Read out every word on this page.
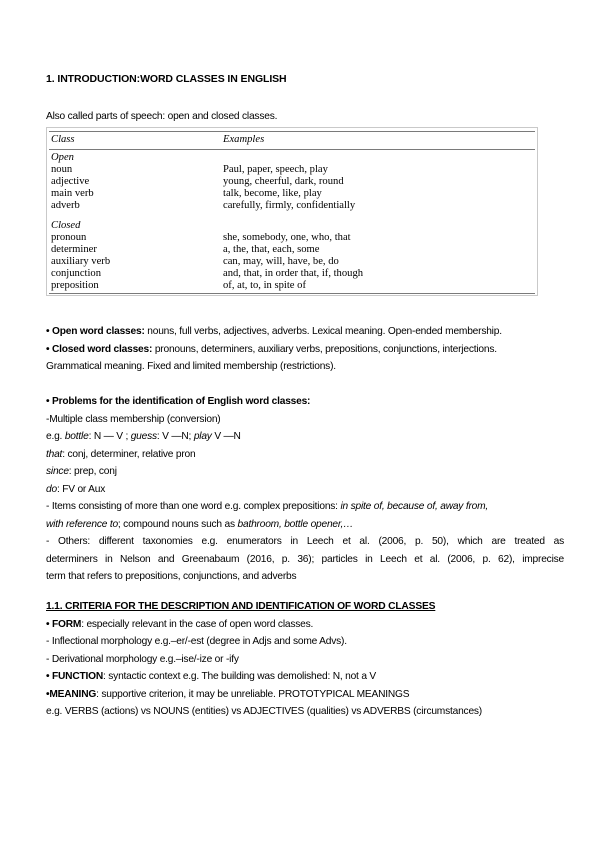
1. INTRODUCTION:WORD CLASSES IN ENGLISH
Also called parts of speech: open and closed classes.
Class	Examples
Open
noun	Paul, paper, speech, play
adjective	young, cheerful, dark, round
main verb	talk, become, like, play
adverb	carefully, firmly, confidentially
Closed
pronoun	she, somebody, one, who, that
determiner	a, the, that, each, some
auxiliary verb	can, may, will, have, be, do
conjunction	and, that, in order that, if, though
preposition	of, at, to, in spite of
• Open word classes: nouns, full verbs, adjectives, adverbs. Lexical meaning. Open-ended membership.
• Closed word classes: pronouns, determiners, auxiliary verbs, prepositions, conjunctions, interjections.
Grammatical meaning. Fixed and limited membership (restrictions).
• Problems for the identification of English word classes:
-Multiple class membership (conversion)
e.g. bottle: N — V ; guess: V —N; play V —N
that: conj, determiner, relative pron
since: prep, conj
do: FV or Aux
- Items consisting of more than one word e.g. complex prepositions: in spite of, because of, away from,
with reference to; compound nouns such as bathroom, bottle opener,…
- Others: different taxonomies e.g. enumerators in Leech et al. (2006, p. 50), which are treated as
determiners in Nelson and Greenabaum (2016, p. 36); particles in Leech et al. (2006, p. 62), imprecise
term that refers to prepositions, conjunctions, and adverbs
1.1. CRITERIA FOR THE DESCRIPTION AND IDENTIFICATION OF WORD CLASSES
• FORM: especially relevant in the case of open word classes.
- Inflectional morphology e.g.–er/-est (degree in Adjs and some Advs).
- Derivational morphology e.g.–ise/-ize or -ify
• FUNCTION: syntactic context e.g. The building was demolished: N, not a V
•MEANING: supportive criterion, it may be unreliable. PROTOTYPICAL MEANINGS
e.g. VERBS (actions) vs NOUNS (entities) vs ADJECTIVES (qualities) vs ADVERBS (circumstances)
